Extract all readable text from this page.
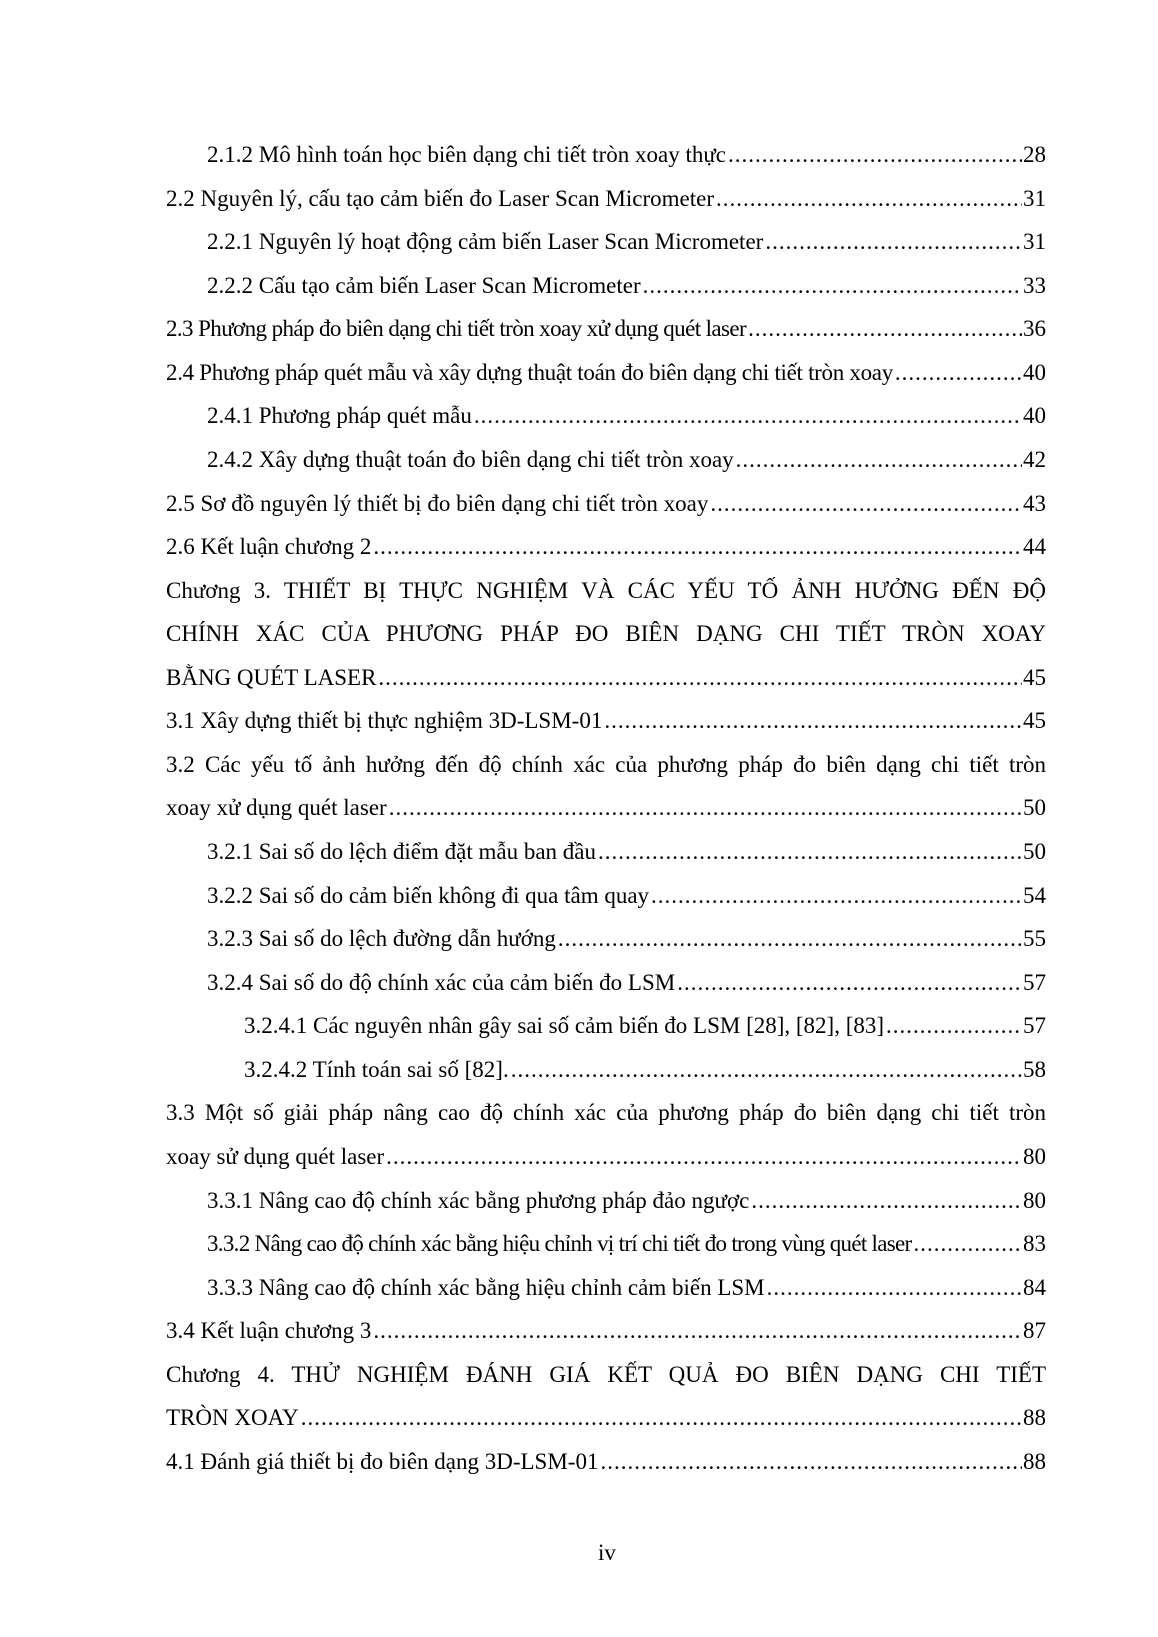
2.1.2 Mô hình toán học biên dạng chi tiết tròn xoay thực .....	28
2.2 Nguyên lý, cấu tạo cảm biến đo Laser Scan Micrometer .....	31
2.2.1 Nguyên lý hoạt động cảm biến Laser Scan Micrometer .....	31
2.2.2 Cấu tạo cảm biến Laser Scan Micrometer .....	33
2.3 Phương pháp đo biên dạng chi tiết tròn xoay xử dụng quét laser .....	36
2.4 Phương pháp quét mẫu và xây dựng thuật toán đo biên dạng chi tiết tròn xoay .....	40
2.4.1 Phương pháp quét mẫu .....	40
2.4.2 Xây dựng thuật toán đo biên dạng chi tiết tròn xoay .....	42
2.5 Sơ đồ nguyên lý thiết bị đo biên dạng chi tiết tròn xoay .....	43
2.6 Kết luận chương 2 .....	44
Chương 3. THIẾT BỊ THỰC NGHIỆM VÀ CÁC YẾU TỐ ẢNH HƯỞNG ĐẾN ĐỘ
CHÍNH XÁC CỦA PHƯƠNG PHÁP ĐO BIÊN DẠNG CHI TIẾT TRÒN XOAY
BẰNG QUÉT LASER .....	45
3.1 Xây dựng thiết bị thực nghiệm 3D-LSM-01 .....	45
3.2 Các yếu tố ảnh hưởng đến độ chính xác của phương pháp đo biên dạng chi tiết tròn
xoay xử dụng quét laser .....	50
3.2.1 Sai số do lệch điểm đặt mẫu ban đầu .....	50
3.2.2 Sai số do cảm biến không đi qua tâm quay .....	54
3.2.3 Sai số do lệch đường dẫn hướng .....	55
3.2.4 Sai số do độ chính xác của cảm biến đo LSM .....	57
3.2.4.1 Các nguyên nhân gây sai số cảm biến đo LSM [28], [82], [83] .....	57
3.2.4.2 Tính toán sai số [82]. .....	58
3.3 Một số giải pháp nâng cao độ chính xác của phương pháp đo biên dạng chi tiết tròn
xoay sử dụng quét laser .....	80
3.3.1 Nâng cao độ chính xác bằng phương pháp đảo ngược .....	80
3.3.2 Nâng cao độ chính xác bằng hiệu chỉnh vị trí chi tiết đo trong vùng quét laser .....	83
3.3.3 Nâng cao độ chính xác bằng hiệu chỉnh cảm biến LSM .....	84
3.4 Kết luận chương 3 .....	87
Chương 4. THỬ NGHIỆM ĐÁNH GIÁ KẾT QUẢ ĐO BIÊN DẠNG CHI TIẾT
TRÒN XOAY .....	88
4.1 Đánh giá thiết bị đo biên dạng 3D-LSM-01 .....	88
iv
